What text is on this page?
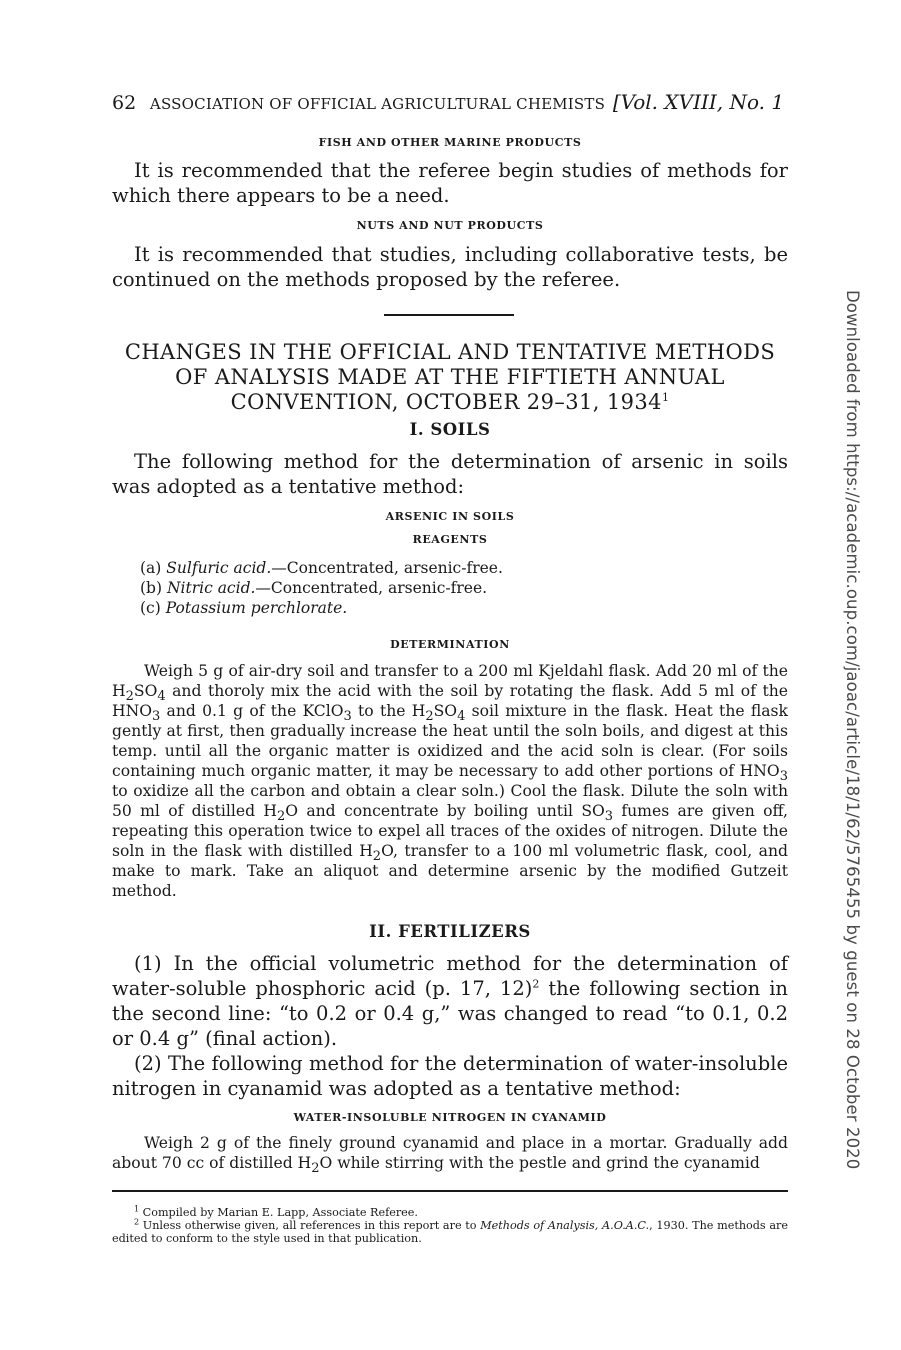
62 ASSOCIATION OF OFFICIAL AGRICULTURAL CHEMISTS [Vol. XVIII, No. 1
FISH AND OTHER MARINE PRODUCTS

It is recommended that the referee begin studies of methods for which there appears to be a need.

NUTS AND NUT PRODUCTS

It is recommended that studies, including collaborative tests, be continued on the methods proposed by the referee.

CHANGES IN THE OFFICIAL AND TENTATIVE METHODS
OF ANALYSIS MADE AT THE FIFTIETH ANNUAL
CONVENTION, OCTOBER 29–31, 1934$^1$
I. SOILS

The following method for the determination of arsenic in soils was adopted as a tentative method:

ARSENIC IN SOILS
REAGENTS
(a) Sulfuric acid.—Concentrated, arsenic-free.
(b) Nitric acid.—Concentrated, arsenic-free.
(c) Potassium perchlorate.
DETERMINATION

Weigh 5 g of air-dry soil and transfer to a 200 ml Kjeldahl flask. Add 20 ml of the $H_2SO_4$ and thoroly mix the acid with the soil by rotating the flask. Add 5 ml of the $HNO_3$ and 0.1 g of the KClO$_3$ to the $H_2SO_4$ soil mixture in the flask. Heat the flask gently at first, then gradually increase the heat until the soln boils, and digest at this temp. until all the organic matter is oxidized and the acid soln is clear. (For soils containing much organic matter, it may be necessary to add other portions of $HNO_3$ to oxidize all the carbon and obtain a clear soln.) Cool the flask. Dilute the soln with 50 ml of distilled $H_2O$ and concentrate by boiling until $SO_3$ fumes are given off, repeating this operation twice to expel all traces of the oxides of nitrogen. Dilute the soln in the flask with distilled $H_2O$, transfer to a 100 ml volumetric flask, cool, and make to mark. Take an aliquot and determine arsenic by the modified Gutzeit method.

II. FERTILIZERS

(1) In the official volumetric method for the determination of water-soluble phosphoric acid (p. 17, 12)$^2$ the following section in the second line: “to 0.2 or 0.4 g,” was changed to read “to 0.1, 0.2 or 0.4 g” (final action).

(2) The following method for the determination of water-insoluble nitrogen in cyanamid was adopted as a tentative method:

WATER-INSOLUBLE NITROGEN IN CYANAMID

Weigh 2 g of the finely ground cyanamid and place in a mortar. Gradually add about 70 cc of distilled $H_2O$ while stirring with the pestle and grind the cyanamid

$^1$ Compiled by Marian E. Lapp, Associate Referee.

$^2$ Unless otherwise given, all references in this report are to Methods of Analysis, A.O.A.C., 1930. The methods are edited to conform to the style used in that publication.

Downloaded from https://academic.oup.com/jaoac/article/18/1/62/5765455 by guest on 28 October 2020
